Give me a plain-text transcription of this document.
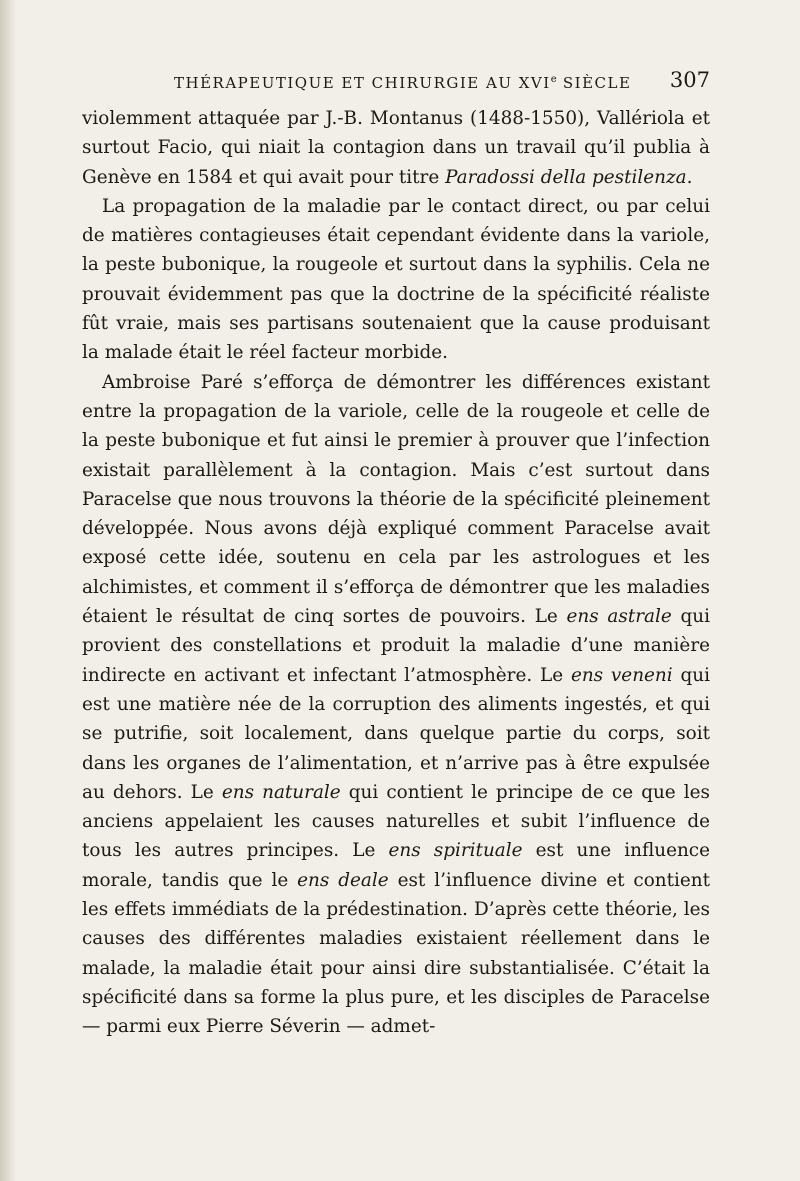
THÉRAPEUTIQUE ET CHIRURGIE AU XVIe SIÈCLE 307

violemment attaquée par J.-B. Montanus (1488-1550), Vallériola et surtout Facio, qui niait la contagion dans un travail qu’il publia à Genève en 1584 et qui avait pour titre Paradossi della pestilenza.

La propagation de la maladie par le contact direct, ou par celui de matières contagieuses était cependant évidente dans la variole, la peste bubonique, la rougeole et surtout dans la syphilis. Cela ne prouvait évidemment pas que la doctrine de la spécificité réaliste fût vraie, mais ses partisans soutenaient que la cause produisant la malade était le réel facteur morbide.

Ambroise Paré s’efforça de démontrer les différences existant entre la propagation de la variole, celle de la rougeole et celle de la peste bubonique et fut ainsi le premier à prouver que l’infection existait parallèlement à la contagion. Mais c’est surtout dans Paracelse que nous trouvons la théorie de la spécificité pleinement développée. Nous avons déjà expliqué comment Paracelse avait exposé cette idée, soutenu en cela par les astrologues et les alchimistes, et comment il s’efforça de démontrer que les maladies étaient le résultat de cinq sortes de pouvoirs. Le ens astrale qui provient des constellations et produit la maladie d’une manière indirecte en activant et infectant l’atmosphère. Le ens veneni qui est une matière née de la corruption des aliments ingestés, et qui se putrifie, soit localement, dans quelque partie du corps, soit dans les organes de l’alimentation, et n’arrive pas à être expulsée au dehors. Le ens naturale qui contient le principe de ce que les anciens appelaient les causes naturelles et subit l’influence de tous les autres principes. Le ens spirituale est une influence morale, tandis que le ens deale est l’influence divine et contient les effets immédiats de la prédestination. D’après cette théorie, les causes des différentes maladies existaient réellement dans le malade, la maladie était pour ainsi dire substantialisée. C’était la spécificité dans sa forme la plus pure, et les disciples de Paracelse — parmi eux Pierre Séverin — admet-
